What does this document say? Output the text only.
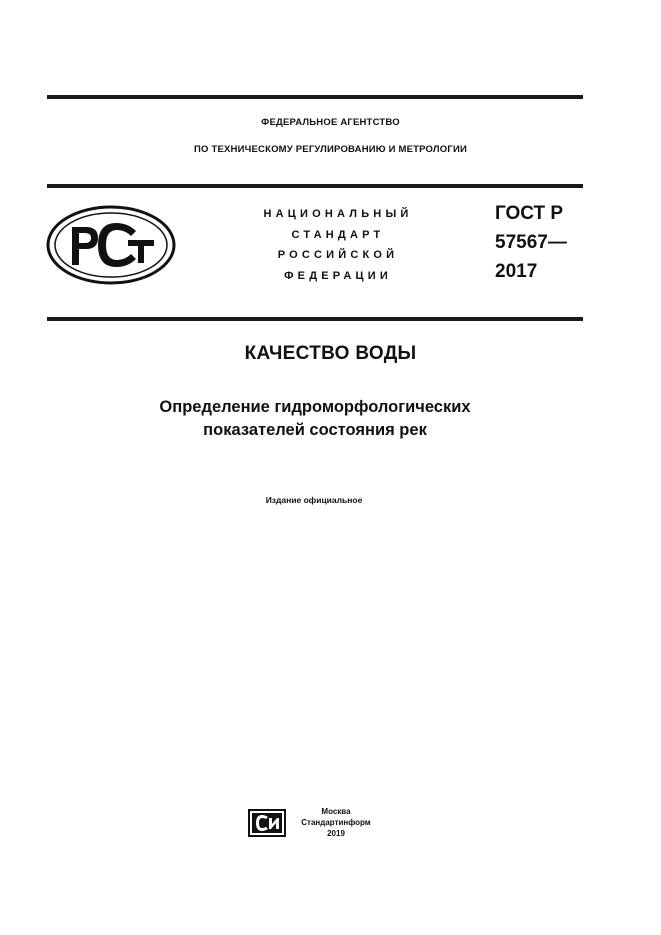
ФЕДЕРАЛЬНОЕ АГЕНТСТВО
ПО ТЕХНИЧЕСКОМУ РЕГУЛИРОВАНИЮ И МЕТРОЛОГИИ
НАЦИОНАЛЬНЫЙ
СТАНДАРТ
РОССИЙСКОЙ
ФЕДЕРАЦИИ
ГОСТ Р
57567—
2017
КАЧЕСТВО ВОДЫ
Определение гидроморфологических
показателей состояния рек
Издание официальное
Москва
Стандартинформ
2019
